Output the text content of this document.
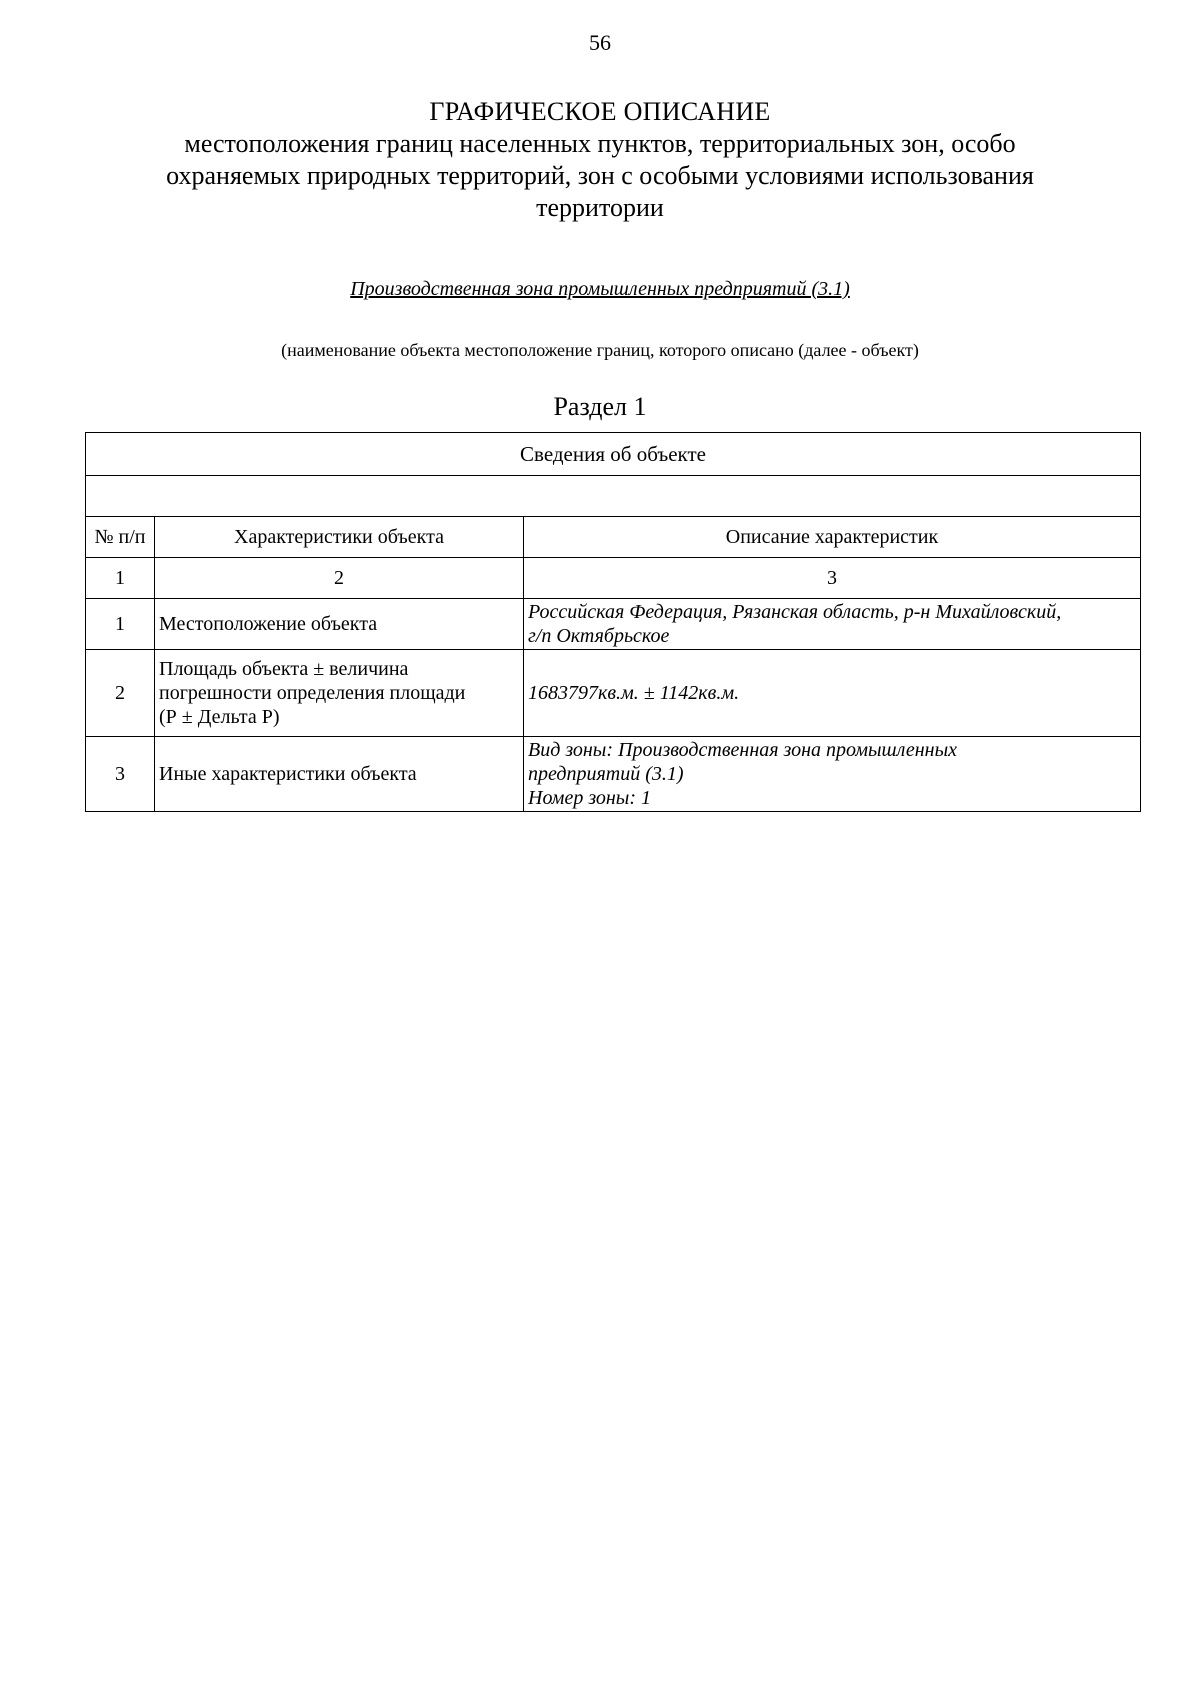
56
ГРАФИЧЕСКОЕ ОПИСАНИЕ
местоположения границ населенных пунктов, территориальных зон, особо
охраняемых природных территорий, зон с особыми условиями использования
территории
Производственная зона промышленных предприятий (3.1)
(наименование объекта местоположение границ, которого описано (далее - объект)
Раздел 1
Сведения об объекте		

№ п/п	Характеристики объекта	Описание характеристик
1	2	3
1	Местоположение объекта	Российская Федерация, Рязанская область, р-н Михайловский,
г/п Октябрьское

2	Площадь объекта ± величина
погрешности определения площади
(Р ± Дельта Р)	1683797кв.м. ± 1142кв.м.
3	Иные характеристики объекта	Вид зоны: Производственная зона промышленных
предприятий (3.1)
Номер зоны: 1
